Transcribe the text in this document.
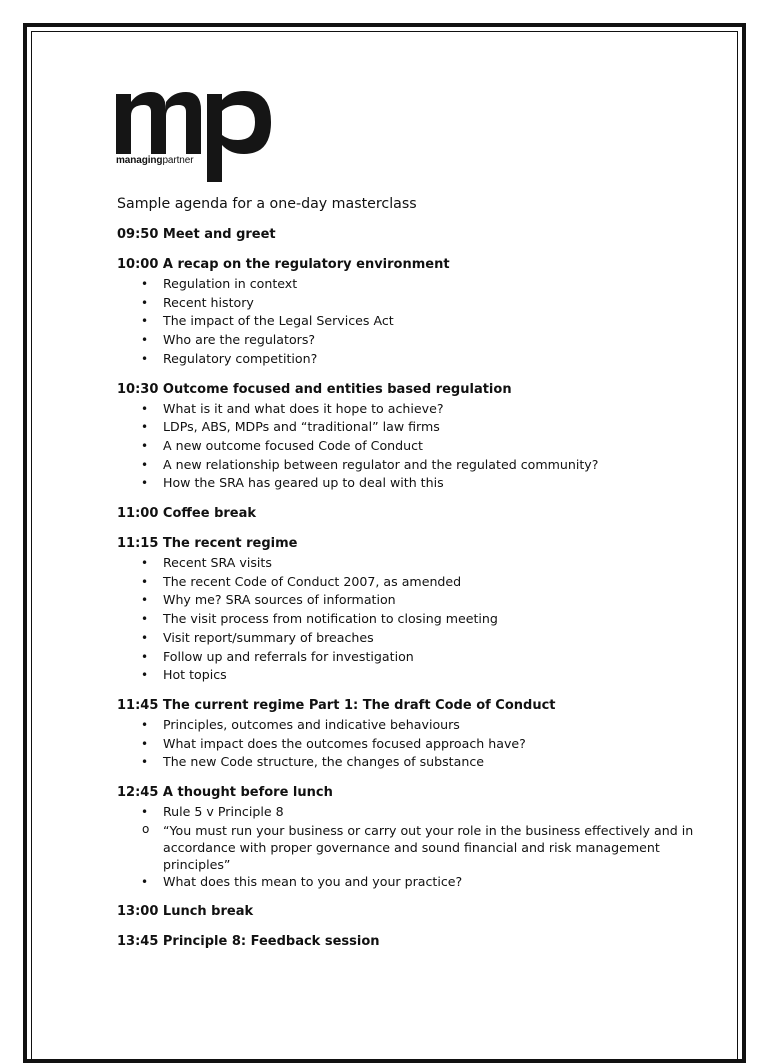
managingpartner
Sample agenda for a one-day masterclass
09:50 Meet and greet
10:00 A recap on the regulatory environment
• Regulation in context
• Recent history
• The impact of the Legal Services Act
• Who are the regulators?
• Regulatory competition?
10:30 Outcome focused and entities based regulation
• What is it and what does it hope to achieve?
• LDPs, ABS, MDPs and “traditional” law firms
• A new outcome focused Code of Conduct
• A new relationship between regulator and the regulated community?
• How the SRA has geared up to deal with this
11:00 Coffee break
11:15 The recent regime
• Recent SRA visits
• The recent Code of Conduct 2007, as amended
• Why me? SRA sources of information
• The visit process from notification to closing meeting
• Visit report/summary of breaches
• Follow up and referrals for investigation
• Hot topics
11:45 The current regime Part 1: The draft Code of Conduct
• Principles, outcomes and indicative behaviours
• What impact does the outcomes focused approach have?
• The new Code structure, the changes of substance
12:45 A thought before lunch
• Rule 5 v Principle 8
o “You must run your business or carry out your role in the business effectively and in accordance with proper governance and sound financial and risk management principles”
• What does this mean to you and your practice?
13:00 Lunch break
13:45 Principle 8: Feedback session
